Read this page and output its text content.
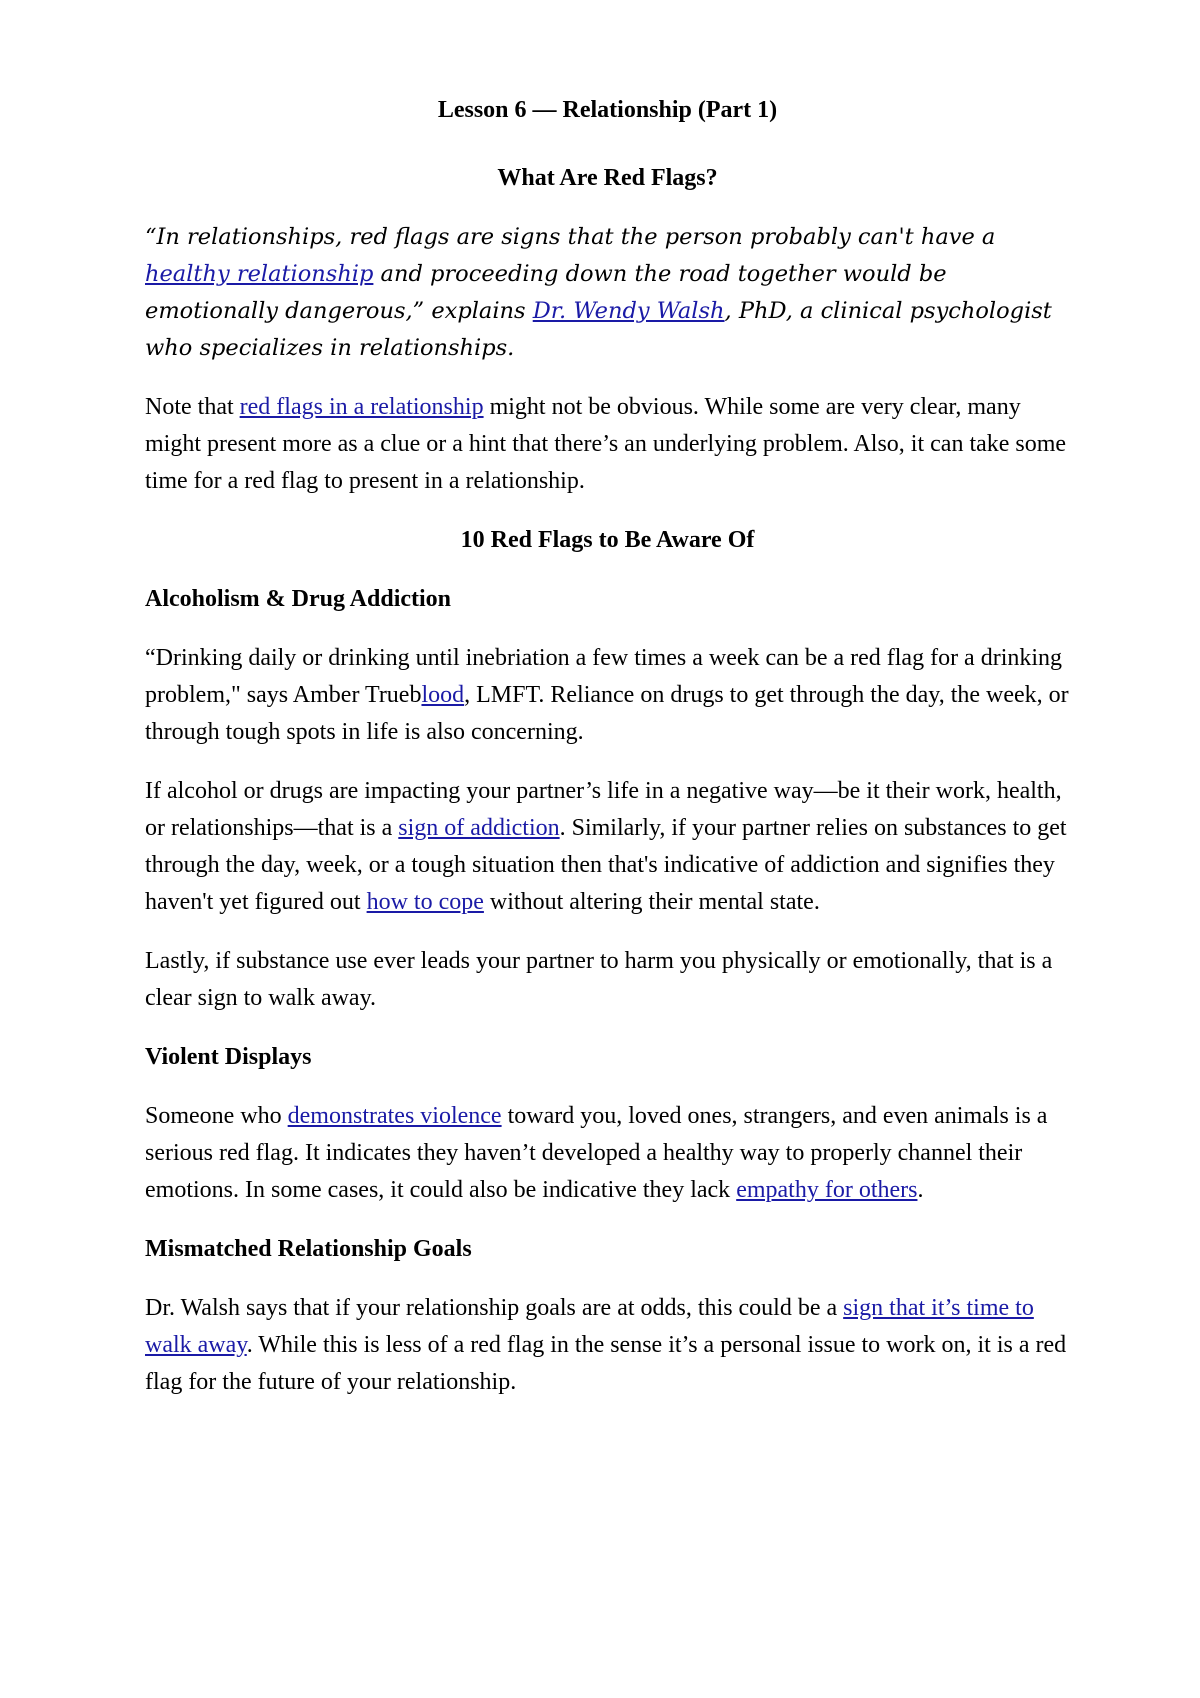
Lesson 6 — Relationship (Part 1)
What Are Red Flags?

“In relationships, red flags are signs that the person probably can't have a healthy relationship and proceeding down the road together would be emotionally dangerous,” explains Dr. Wendy Walsh, PhD, a clinical psychologist who specializes in relationships.

Note that red flags in a relationship might not be obvious. While some are very clear, many might present more as a clue or a hint that there’s an underlying problem. Also, it can take some time for a red flag to present in a relationship.

10 Red Flags to Be Aware Of
Alcoholism & Drug Addiction

“Drinking daily or drinking until inebriation a few times a week can be a red flag for a drinking problem," says Amber Trueblood, LMFT. Reliance on drugs to get through the day, the week, or through tough spots in life is also concerning.

If alcohol or drugs are impacting your partner’s life in a negative way—be it their work, health, or relationships—that is a sign of addiction. Similarly, if your partner relies on substances to get through the day, week, or a tough situation then that's indicative of addiction and signifies they haven't yet figured out how to cope without altering their mental state.

Lastly, if substance use ever leads your partner to harm you physically or emotionally, that is a clear sign to walk away.

Violent Displays

Someone who demonstrates violence toward you, loved ones, strangers, and even animals is a serious red flag. It indicates they haven’t developed a healthy way to properly channel their emotions. In some cases, it could also be indicative they lack empathy for others.

Mismatched Relationship Goals

Dr. Walsh says that if your relationship goals are at odds, this could be a sign that it’s time to walk away. While this is less of a red flag in the sense it’s a personal issue to work on, it is a red flag for the future of your relationship.
